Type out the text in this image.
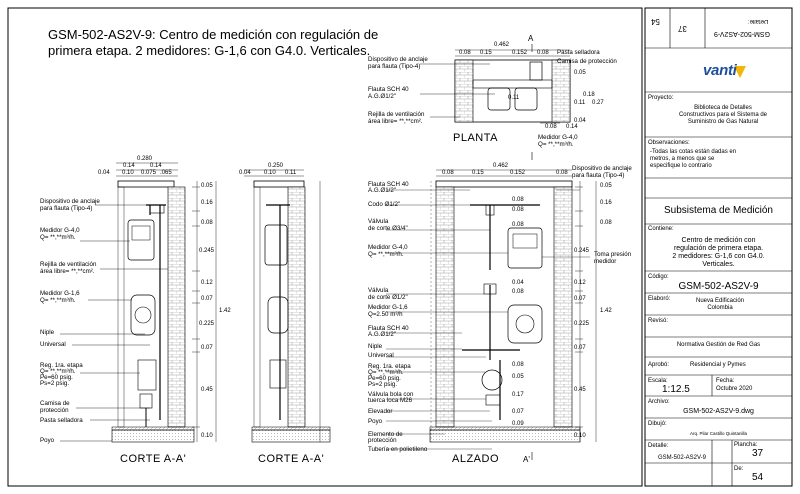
GSM-502-AS2V-9: Centro de medición con regulación de
primera etapa. 2 medidores: G-1,6 con G4.0. Verticales.
CORTE A-A'	CORTE A-A'	ALZADO
PLANTA
A
A'
0.280
0.14	0.14
0.04 0.10 0.075 .065
0.250
0.04 0.10 0.11
Dispositivo de anclaje
para flauta (Tipo-4)
Medidor G-4,0
Q= **,**m³/h.
Rejilla de ventilación
área libre= **,**cm².
Medidor G-1,6
Q= **,**m³/h.
Niple
Universal
Reg. 1ra. etapa
Q= **,**m³/h.
Pe=60 psig.
Ps=2 psig.
Camisa de
protección
Pasta selladora
Poyo
0.05
0.16
0.08
0.245
0.12
0.07
0.225
0.07
0.45
0.10
1.42
0.462
0.08	0.15	0.152	0.08
0.08
0.08
0.08
0.04
0.08
0.08
0.05
0.17
0.07
0.09
Flauta SCH 40
A.G.Ø1/2"
Codo Ø1/2"
Válvula
de corte Ø3/4"
Medidor G-4,0
Q= **,**m³/h.
Válvula
de corte Ø1/2"
Medidor G-1,6
Q=2.50 m³/h
Flauta SCH 40
A.G.Ø1/2"
Niple
Universal
Reg. 1ra. etapa
Q= **,**m³/h.
Pe=60 psig.
Ps=2 psig.
Válvula bola con
tuerca loca M26
Elevador
Poyo
Elemento de
protección
Tubería en polietileno
Dispositivo de anclaje
para flauta (Tipo-4)
Toma presión
medidor
0.05
0.16
0.08
0.245
0.12
0.07
0.225
0.07
0.45
0.10
1.42
0.462
0.08 0.15	0.152 0.08
0.11
0.05
0.18
0.27
0.11
0.04
0.14
0.08
Dispositivo de anclaje
para flauta (Tipo-4)
Flauta SCH 40
A.G.Ø1/2"
Rejilla de ventilación
área libre= **,**cm².
Medidor G-4,0
Q= **,**m³/h.
Pasta selladora
Camisa de protección
54
37
GSM-502-AS2V-9
Detalle:
vanti
Proyecto:
Biblioteca de Detalles
Constructivos para el Sistema de
Suministro de Gas Natural
Observaciones:
-Todas las cotas están dadas en
metros, a menos que se
especifique lo contrario
Subsistema de Medición
Contiene:
Centro de medición con
regulación de primera etapa.
2 medidores: G-1,6 con G4.0.
Verticales.
Código:
GSM-502-AS2V-9
Elaboró:	Nueva Edificación
Colombia
Revisó:
Normativa Gestión de Red Gas
Aprobó:	Residencial y Pymes
Escala:
1:12.5
Fecha:
Octubre 2020
Archivo:
GSM-502-AS2V-9.dwg
Dibujó:
Arq. Pilar Castillo Quintanilla
Detalle:
GSM-502-AS2V-9
Plancha:
37
De:
54
